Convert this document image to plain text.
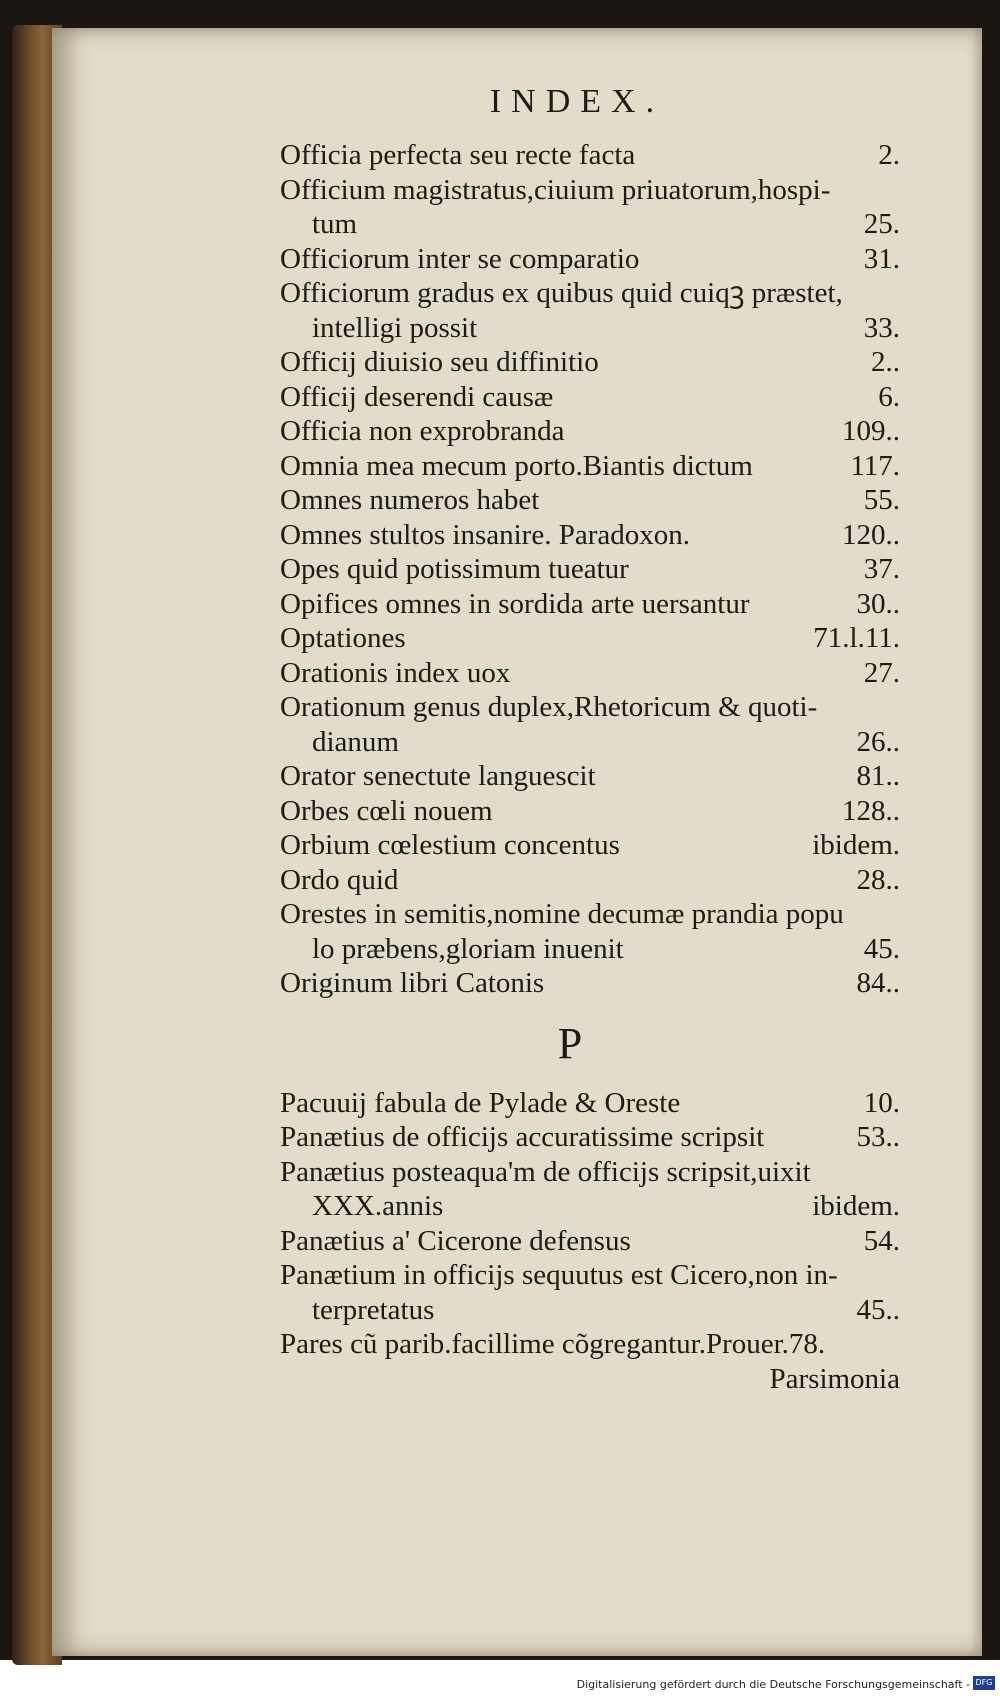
INDEX.
Officia perfecta seu recte facta	2.
Officium magistratus,ciuium priuatorum,hospi-
tum	25.
Officiorum inter se comparatio	31.
Officiorum gradus ex quibus quid cuiqꝫ præstet,
intelligi possit	33.
Officij diuisio seu diffinitio	2..
Officij deserendi causæ	6.
Officia non exprobranda	109..
Omnia mea mecum porto.Biantis dictum	117.
Omnes numeros habet	55.
Omnes stultos insanire. Paradoxon.	120..
Opes quid potissimum tueatur	37.
Opifices omnes in sordida arte uersantur	30..
Optationes	71.l.11.
Orationis index uox	27.
Orationum genus duplex,Rhetoricum & quoti-
dianum	26..
Orator senectute languescit	81..
Orbes cœli nouem	128..
Orbium cœlestium concentus	ibidem.
Ordo quid	28..
Orestes in semitis,nomine decumæ prandia popu
lo præbens,gloriam inuenit	45.
Originum libri Catonis	84..
P
Pacuuij fabula de Pylade & Oreste	10.
Panætius de officijs accuratissime scripsit	53..
Panætius posteaqua'm de officijs scripsit,uixit
XXX.annis	ibidem.
Panætius a' Cicerone defensus	54.
Panætium in officijs sequutus est Cicero,non in-
terpretatus	45..
Pares cũ parib.facillime cõgregantur.Prouer.78.
Parsimonia
Digitalisierung gefördert durch die Deutsche Forschungsgemeinschaft - DFG
